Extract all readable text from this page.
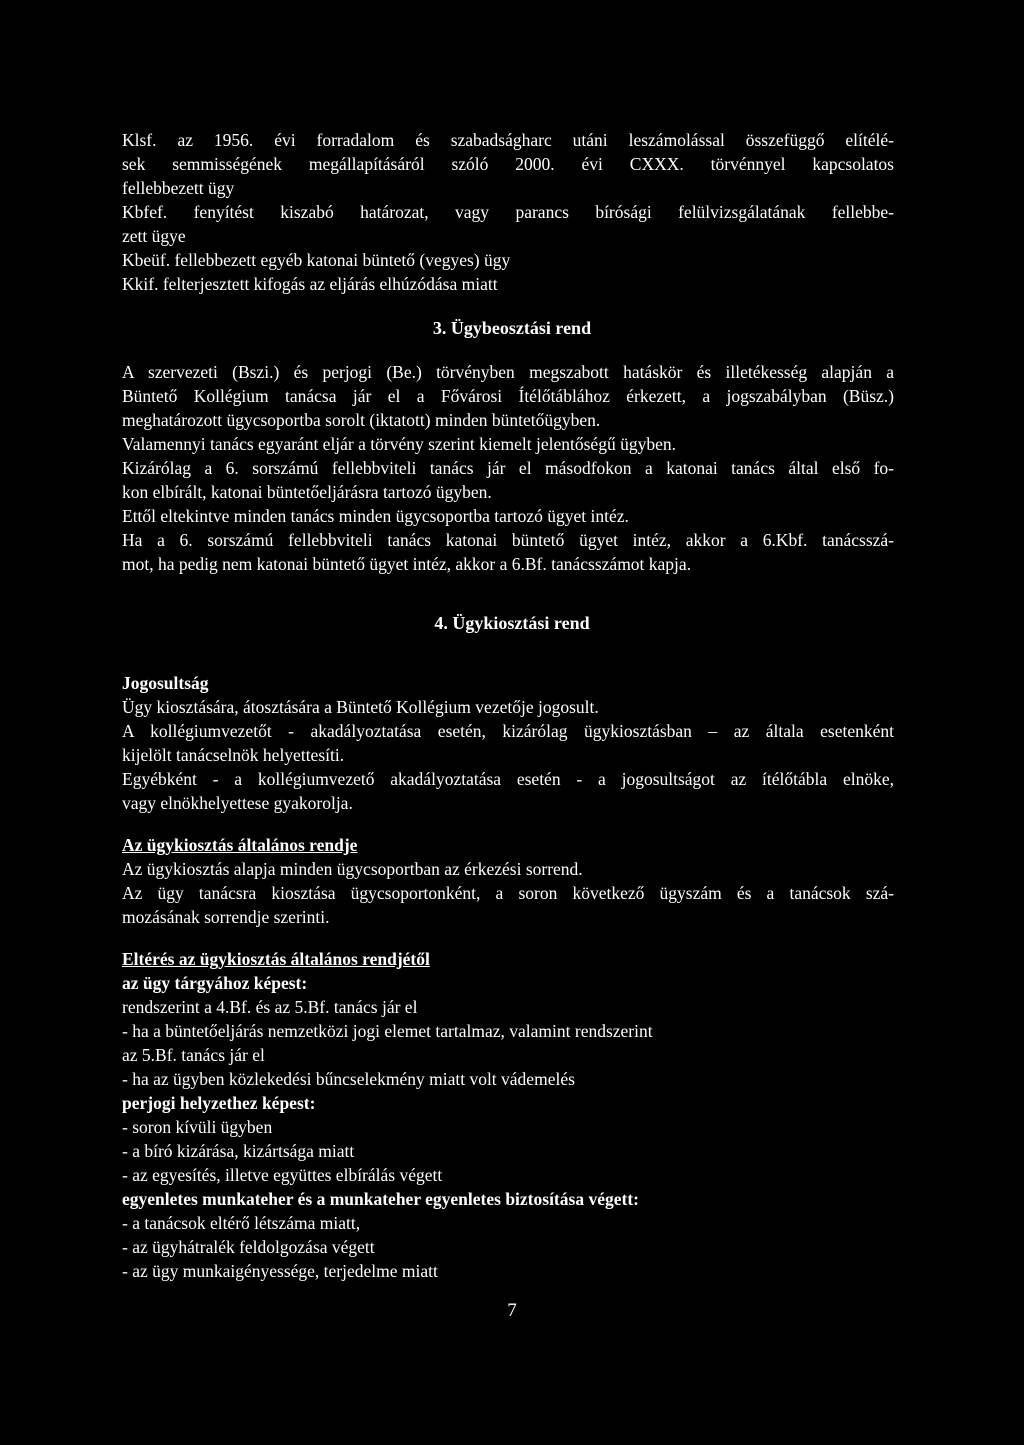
Klsf. az 1956. évi forradalom és szabadságharc utáni leszámolással összefüggő elítélé-
sek semmisségének megállapításáról szóló 2000. évi CXXX. törvénnyel kapcsolatos
fellebbezett ügy
Kbfef. fenyítést kiszabó határozat, vagy parancs bírósági felülvizsgálatának fellebbe-
zett ügye
Kbeüf. fellebbezett egyéb katonai büntető (vegyes) ügy
Kkif. felterjesztett kifogás az eljárás elhúzódása miatt
3. Ügybeosztási rend
A szervezeti (Bszi.) és perjogi (Be.) törvényben megszabott hatáskör és illetékesség alapján a
Büntető Kollégium tanácsa jár el a Fővárosi Ítélőtáblához érkezett, a jogszabályban (Büsz.)
meghatározott ügycsoportba sorolt (iktatott) minden büntetőügyben.
Valamennyi tanács egyaránt eljár a törvény szerint kiemelt jelentőségű ügyben.
Kizárólag a 6. sorszámú fellebbviteli tanács jár el másodfokon a katonai tanács által első fo-
kon elbírált, katonai büntetőeljárásra tartozó ügyben.
Ettől eltekintve minden tanács minden ügycsoportba tartozó ügyet intéz.
Ha a 6. sorszámú fellebbviteli tanács katonai büntető ügyet intéz, akkor a 6.Kbf. tanácsszá-
mot, ha pedig nem katonai büntető ügyet intéz, akkor a 6.Bf. tanácsszámot kapja.
4. Ügykiosztási rend
Jogosultság
Ügy kiosztására, átosztására a Büntető Kollégium vezetője jogosult.
A kollégiumvezetőt - akadályoztatása esetén, kizárólag ügykiosztásban – az általa esetenként
kijelölt tanácselnök helyettesíti.
Egyébként - a kollégiumvezető akadályoztatása esetén - a jogosultságot az ítélőtábla elnöke,
vagy elnökhelyettese gyakorolja.
Az ügykiosztás általános rendje
Az ügykiosztás alapja minden ügycsoportban az érkezési sorrend.
Az ügy tanácsra kiosztása ügycsoportonként, a soron következő ügyszám és a tanácsok szá-
mozásának sorrendje szerinti.
Eltérés az ügykiosztás általános rendjétől
az ügy tárgyához képest:
rendszerint a 4.Bf. és az 5.Bf. tanács jár el
- ha a büntetőeljárás nemzetközi jogi elemet tartalmaz, valamint rendszerint
az 5.Bf. tanács jár el
- ha az ügyben közlekedési bűncselekmény miatt volt vádemelés
perjogi helyzethez képest:
- soron kívüli ügyben
- a bíró kizárása, kizártsága miatt
- az egyesítés, illetve együttes elbírálás végett
egyenletes munkateher és a munkateher egyenletes biztosítása végett:
- a tanácsok eltérő létszáma miatt,
- az ügyhátralék feldolgozása végett
- az ügy munkaigényessége, terjedelme miatt
7
